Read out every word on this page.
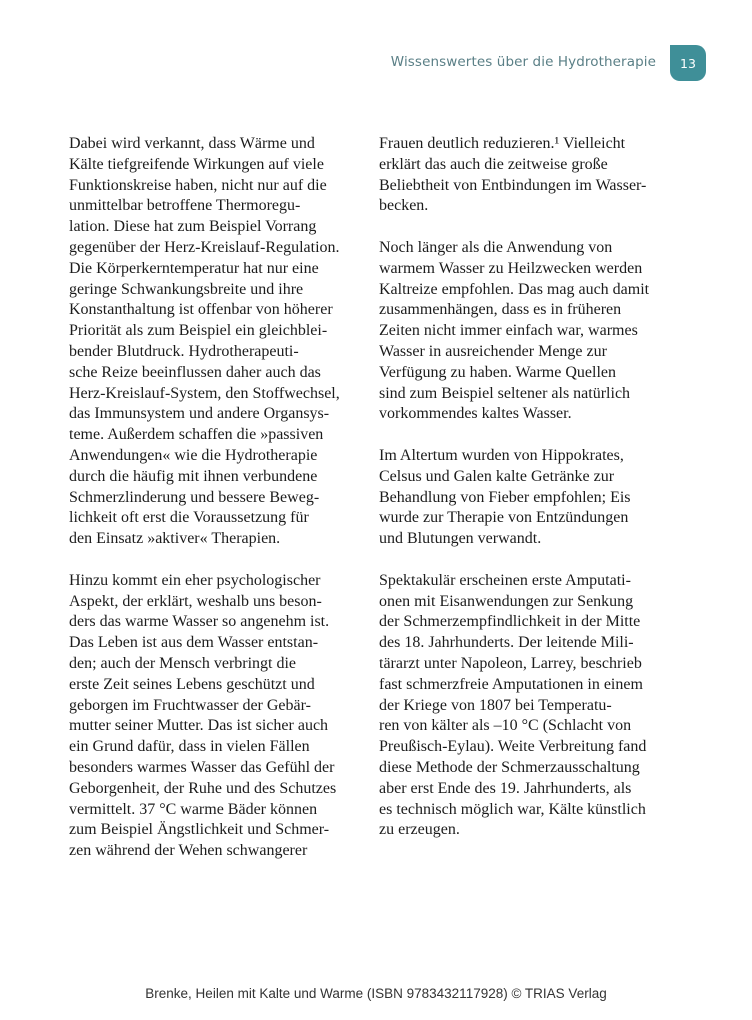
Wissenswertes über die Hydrotherapie 13
Dabei wird verkannt, dass Wärme und
Kälte tiefgreifende Wirkungen auf viele
Funktionskreise haben, nicht nur auf die
unmittelbar betroffene Thermoregu-
lation. Diese hat zum Beispiel Vorrang
gegenüber der Herz-Kreislauf-Regulation.
Die Körperkerntemperatur hat nur eine
geringe Schwankungsbreite und ihre
Konstanthaltung ist offenbar von höherer
Priorität als zum Beispiel ein gleichblei-
bender Blutdruck. Hydrotherapeuti-
sche Reize beeinflussen daher auch das
Herz-Kreislauf-System, den Stoffwechsel,
das Immunsystem und andere Organsys-
teme. Außerdem schaffen die »passiven
Anwendungen« wie die Hydrotherapie
durch die häufig mit ihnen verbundene
Schmerzlinderung und bessere Beweg-
lichkeit oft erst die Voraussetzung für
den Einsatz »aktiver« Therapien.
Hinzu kommt ein eher psychologischer
Aspekt, der erklärt, weshalb uns beson-
ders das warme Wasser so angenehm ist.
Das Leben ist aus dem Wasser entstan-
den; auch der Mensch verbringt die
erste Zeit seines Lebens geschützt und
geborgen im Fruchtwasser der Gebär-
mutter seiner Mutter. Das ist sicher auch
ein Grund dafür, dass in vielen Fällen
besonders warmes Wasser das Gefühl der
Geborgenheit, der Ruhe und des Schutzes
vermittelt. 37 °C warme Bäder können
zum Beispiel Ängstlichkeit und Schmer-
zen während der Wehen schwangerer
Frauen deutlich reduzieren.¹ Vielleicht
erklärt das auch die zeitweise große
Beliebtheit von Entbindungen im Wasser-
becken.
Noch länger als die Anwendung von
warmem Wasser zu Heilzwecken werden
Kaltreize empfohlen. Das mag auch damit
zusammenhängen, dass es in früheren
Zeiten nicht immer einfach war, warmes
Wasser in ausreichender Menge zur
Verfügung zu haben. Warme Quellen
sind zum Beispiel seltener als natürlich
vorkommendes kaltes Wasser.
Im Altertum wurden von Hippokrates,
Celsus und Galen kalte Getränke zur
Behandlung von Fieber empfohlen; Eis
wurde zur Therapie von Entzündungen
und Blutungen verwandt.
Spektakulär erscheinen erste Amputati-
onen mit Eisanwendungen zur Senkung
der Schmerzempfindlichkeit in der Mitte
des 18. Jahrhunderts. Der leitende Mili-
tärarzt unter Napoleon, Larrey, beschrieb
fast schmerzfreie Amputationen in einem
der Kriege von 1807 bei Temperatu-
ren von kälter als –10 °C (Schlacht von
Preußisch-Eylau). Weite Verbreitung fand
diese Methode der Schmerzausschaltung
aber erst Ende des 19. Jahrhunderts, als
es technisch möglich war, Kälte künstlich
zu erzeugen.
Brenke, Heilen mit Kalte und Warme (ISBN 9783432117928) © TRIAS Verlag
